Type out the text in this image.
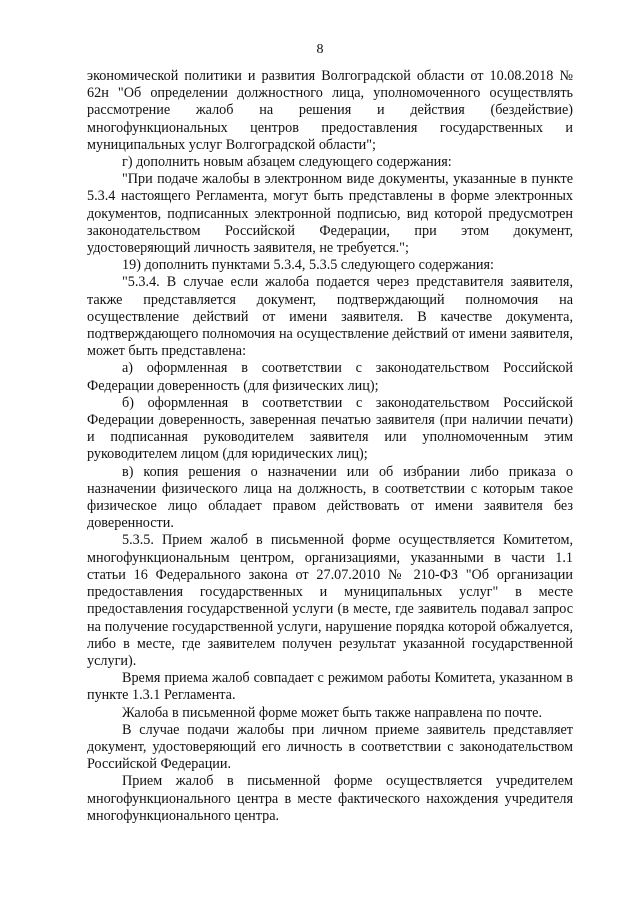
8

экономической политики и развития Волгоградской области от 10.08.2018 № 62н "Об определении должностного лица, уполномоченного осуществлять рассмотрение жалоб на решения и действия (бездействие) многофункциональных центров предоставления государственных и муниципальных услуг Волгоградской области";

г) дополнить новым абзацем следующего содержания:

"При подаче жалобы в электронном виде документы, указанные в пункте 5.3.4 настоящего Регламента, могут быть представлены в форме электронных документов, подписанных электронной подписью, вид которой предусмотрен законодательством Российской Федерации, при этом документ, удостоверяющий личность заявителя, не требуется.";

19) дополнить пунктами 5.3.4, 5.3.5 следующего содержания:

"5.3.4. В случае если жалоба подается через представителя заявителя, также представляется документ, подтверждающий полномочия на осуществление действий от имени заявителя. В качестве документа, подтверждающего полномочия на осуществление действий от имени заявителя, может быть представлена:

а) оформленная в соответствии с законодательством Российской Федерации доверенность (для физических лиц);

б) оформленная в соответствии с законодательством Российской Федерации доверенность, заверенная печатью заявителя (при наличии печати) и подписанная руководителем заявителя или уполномоченным этим руководителем лицом (для юридических лиц);

в) копия решения о назначении или об избрании либо приказа о назначении физического лица на должность, в соответствии с которым такое физическое лицо обладает правом действовать от имени заявителя без доверенности.

5.3.5. Прием жалоб в письменной форме осуществляется Комитетом, многофункциональным центром, организациями, указанными в части 1.1 статьи 16 Федерального закона от 27.07.2010 № 210-ФЗ "Об организации предоставления государственных и муниципальных услуг" в месте предоставления государственной услуги (в месте, где заявитель подавал запрос на получение государственной услуги, нарушение порядка которой обжалуется, либо в месте, где заявителем получен результат указанной государственной услуги).

Время приема жалоб совпадает с режимом работы Комитета, указанном в пункте 1.3.1 Регламента.

Жалоба в письменной форме может быть также направлена по почте.

В случае подачи жалобы при личном приеме заявитель представляет документ, удостоверяющий его личность в соответствии с законодательством Российской Федерации.

Прием жалоб в письменной форме осуществляется учредителем многофункционального центра в месте фактического нахождения учредителя многофункционального центра.
